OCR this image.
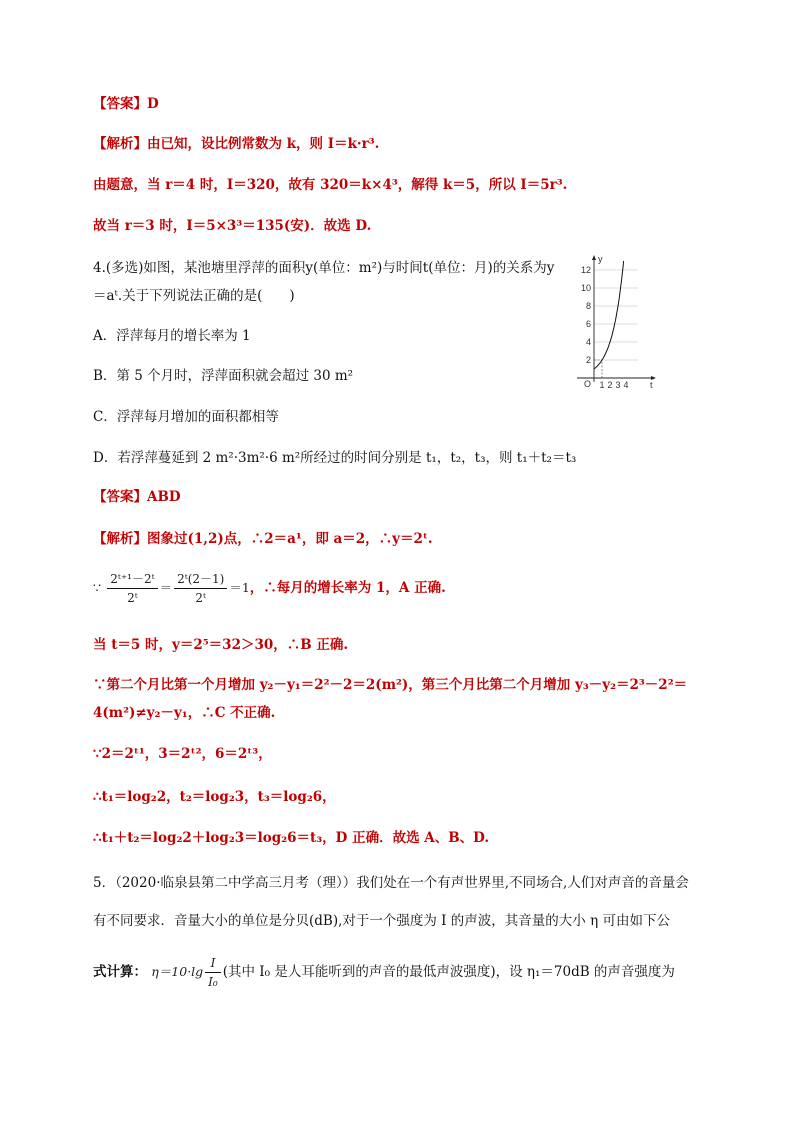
【答案】D
【解析】由已知，设比例常数为 k，则 I＝k·r³.
由题意，当 r＝4 时，I＝320，故有 320＝k×4³，解得 k＝5，所以 I＝5r³.
故当 r＝3 时，I＝5×3³＝135(安)．故选 D.
4.(多选)如图，某池塘里浮萍的面积y(单位：m²)与时间t(单位：月)的关系为y
＝aᵗ.关于下列说法正确的是(　　)
A．浮萍每月的增长率为 1
B．第 5 个月时，浮萍面积就会超过 30 m²
C．浮萍每月增加的面积都相等
D．若浮萍蔓延到 2 m²·3m²·6 m²所经过的时间分别是 t₁，t₂，t₃，则 t₁＋t₂＝t₃
y
t
O
2
4
6
8
10
12
1 2 3 4
【答案】ABD
【解析】图象过(1,2)点，∴2＝a¹，即 a＝2，∴y＝2ᵗ.
∵ $\frac{\text{2ᵗ⁺¹－2ᵗ}}{\text{2ᵗ}} = \frac{\text{2ᵗ(2－1)}}{\text{2ᵗ}} =1$，∴每月的增长率为 1，A 正确.
当 t＝5 时，y＝2⁵＝32＞30，∴B 正确.
∵第二个月比第一个月增加 y₂－y₁＝2²－2＝2(m²)，第三个月比第二个月增加 y₃－y₂＝2³－2²＝
4(m²)≠y₂－y₁，∴C 不正确.
∵2＝2ᵗ¹，3＝2ᵗ²，6＝2ᵗ³，
∴t₁＝log₂2，t₂＝log₂3，t₃＝log₂6，
∴t₁＋t₂＝log₂2＋log₂3＝log₂6＝t₃，D 正确．故选 A、B、D.
5．（2020·临泉县第二中学高三月考（理））我们处在一个有声世界里,不同场合,人们对声音的音量会
有不同要求．音量大小的单位是分贝(dB),对于一个强度为 I 的声波，其音量的大小 η 可由如下公
式计算： $\eta=10\cdot\lg \frac{I}{\text{I₀}}$ (其中 I₀ 是人耳能听到的声音的最低声波强度)，设 η₁＝70dB 的声音强度为
